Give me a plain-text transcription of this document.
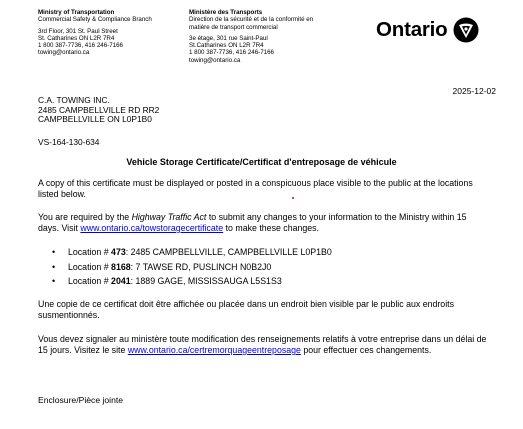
Ministry of Transportation
Commercial Safety & Compliance Branch
3rd Floor, 301 St. Paul Street
St. Catharines ON L2R 7R4
1 800 387-7736, 416 246-7166
towing@ontario.ca
Ministère des Transports
Direction de la sécurité et de la conformité en
matière de transport commercial
3e étage, 301 rue Saint-Paul
St.Catharines ON L2R 7R4
1 800 387-7736, 416 246-7166
towing@ontario.ca
Ontario
2025-12-02
C.A. TOWING INC.
2485 CAMPBELLVILLE RD RR2
CAMPBELLVILLE ON L0P1B0
VS-164-130-634
Vehicle Storage Certificate/Certificat d'entreposage de véhicule
A copy of this certificate must be displayed or posted in a conspicuous place visible to the public at the locations listed below.
You are required by the Highway Traffic Act to submit any changes to your information to the Ministry within 15 days. Visit www.ontario.ca/towstoragecertificate to make these changes.
• Location # 473: 2485 CAMPBELLVILLE, CAMPBELLVILLE L0P1B0
• Location # 8168: 7 TAWSE RD, PUSLINCH N0B2J0
• Location # 2041: 1889 GAGE, MISSISSAUGA L5S1S3
Une copie de ce certificat doit être affichée ou placée dans un endroit bien visible par le public aux endroits susmentionnés.
Vous devez signaler au ministère toute modification des renseignements relatifs à votre entreprise dans un délai de 15 jours. Visitez le site www.ontario.ca/certremorquageentreposage pour effectuer ces changements.
Enclosure/Pièce jointe
